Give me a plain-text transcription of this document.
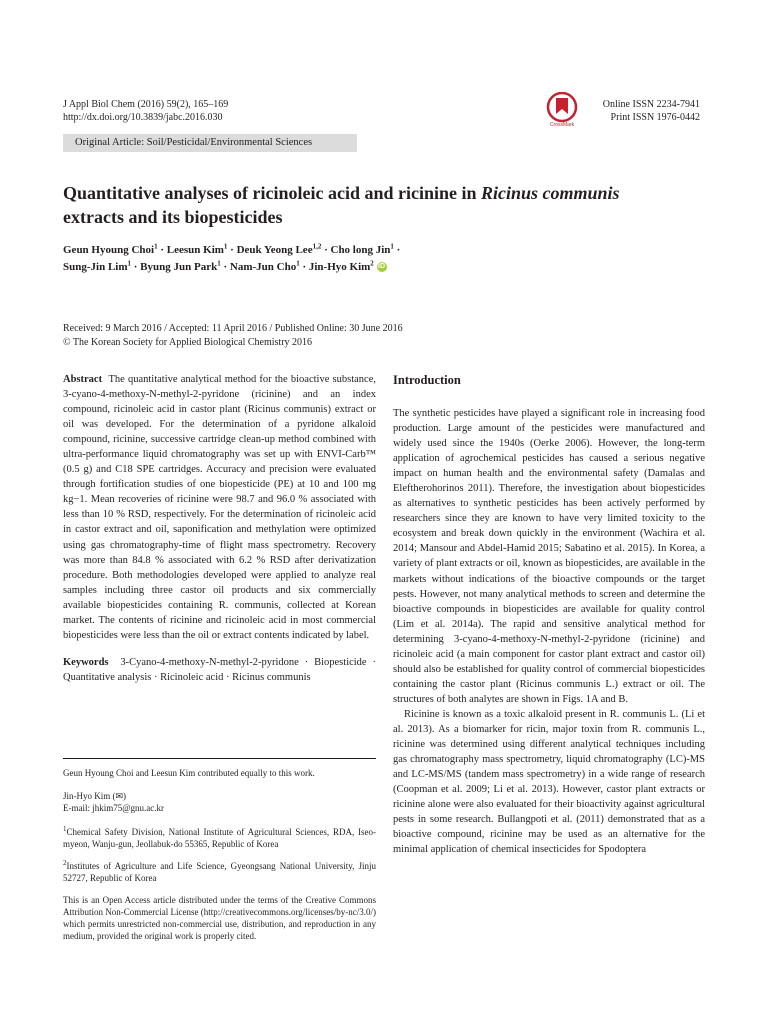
J Appl Biol Chem (2016) 59(2), 165–169
http://dx.doi.org/10.3839/jabc.2016.030
CrossMark
Online ISSN 2234-7941
Print ISSN 1976-0442
Original Article: Soil/Pesticidal/Environmental Sciences
Quantitative analyses of ricinoleic acid and ricinine in Ricinus communis
extracts and its biopesticides
Geun Hyoung Choi$^1$ · Leesun Kim$^1$ · Deuk Yeong Lee$^{1,2}$ · Cho long Jin$^1$ ·
Sung-Jin Lim$^1$ · Byung Jun Park$^1$ · Nam-Jun Cho$^1$ · Jin-Hyo Kim$^2$ iD
Received: 9 March 2016 / Accepted: 11 April 2016 / Published Online: 30 June 2016
© The Korean Society for Applied Biological Chemistry 2016

Abstract The quantitative analytical method for the bioactive substance, 3-cyano-4-methoxy-N-methyl-2-pyridone (ricinine) and an index compound, ricinoleic acid in castor plant (Ricinus communis) extract or oil was developed. For the determination of a pyridone alkaloid compound, ricinine, successive cartridge clean-up method combined with ultra-performance liquid chromatography was set up with ENVI-Carb™ (0.5 g) and C18 SPE cartridges. Accuracy and precision were evaluated through fortification studies of one biopesticide (PE) at 10 and 100 mg kg−1. Mean recoveries of ricinine were 98.7 and 96.0 % associated with less than 10 % RSD, respectively. For the determination of ricinoleic acid in castor extract and oil, saponification and methylation were optimized using gas chromatography-time of flight mass spectrometry. Recovery was more than 84.8 % associated with 6.2 % RSD after derivatization procedure. Both methodologies developed were applied to analyze real samples including three castor oil products and six commercially available biopesticides containing R. communis, collected at Korean market. The contents of ricinine and ricinoleic acid in most commercial biopesticides were less than the oil or extract contents indicated by label.

Keywords 3-Cyano-4-methoxy-N-methyl-2-pyridone · Biopesticide · Quantitative analysis · Ricinoleic acid · Ricinus communis

Geun Hyoung Choi and Leesun Kim contributed equally to this work.
Jin-Hyo Kim (✉)
E-mail: jhkim75@gnu.ac.kr
$^1$Chemical Safety Division, National Institute of Agricultural Sciences, RDA, Iseo-myeon, Wanju-gun, Jeollabuk-do 55365, Republic of Korea
$^2$Institutes of Agriculture and Life Science, Gyeongsang National University, Jinju 52727, Republic of Korea
This is an Open Access article distributed under the terms of the Creative Commons Attribution Non-Commercial License (http://creativecommons.org/licenses/by-nc/3.0/) which permits unrestricted non-commercial use, distribution, and reproduction in any medium, provided the original work is properly cited.
Introduction

The synthetic pesticides have played a significant role in increasing food production. Large amount of the pesticides were manufactured and widely used since the 1940s (Oerke 2006). However, the long-term application of agrochemical pesticides has caused a serious negative impact on human health and the environmental safety (Damalas and Eleftherohorinos 2011). Therefore, the investigation about biopesticides as alternatives to synthetic pesticides has been actively performed by researchers since they are known to have very limited toxicity to the ecosystem and break down quickly in the environment (Wachira et al. 2014; Mansour and Abdel-Hamid 2015; Sabatino et al. 2015). In Korea, a variety of plant extracts or oil, known as biopesticides, are available in the markets without indications of the bioactive compounds or the target pests. However, not many analytical methods to screen and determine the bioactive compounds in biopesticides are available for quality control (Lim et al. 2014a). The rapid and sensitive analytical method for determining 3-cyano-4-methoxy-N-methyl-2-pyridone (ricinine) and ricinoleic acid (a main component for castor plant extract and castor oil) should also be established for quality control of commercial biopesticides containing the castor plant (Ricinus communis L.) extract or oil. The structures of both analytes are shown in Figs. 1A and B.

Ricinine is known as a toxic alkaloid present in R. communis L. (Li et al. 2013). As a biomarker for ricin, major toxin from R. communis L., ricinine was determined using different analytical techniques including gas chromatography mass spectrometry, liquid chromatography (LC)-MS and LC-MS/MS (tandem mass spectrometry) in a wide range of research (Coopman et al. 2009; Li et al. 2013). However, castor plant extracts or ricinine alone were also evaluated for their bioactivity against agricultural pests in some research. Bullangpoti et al. (2011) demonstrated that as a bioactive compound, ricinine may be used as an alternative for the minimal application of chemical insecticides for Spodoptera
